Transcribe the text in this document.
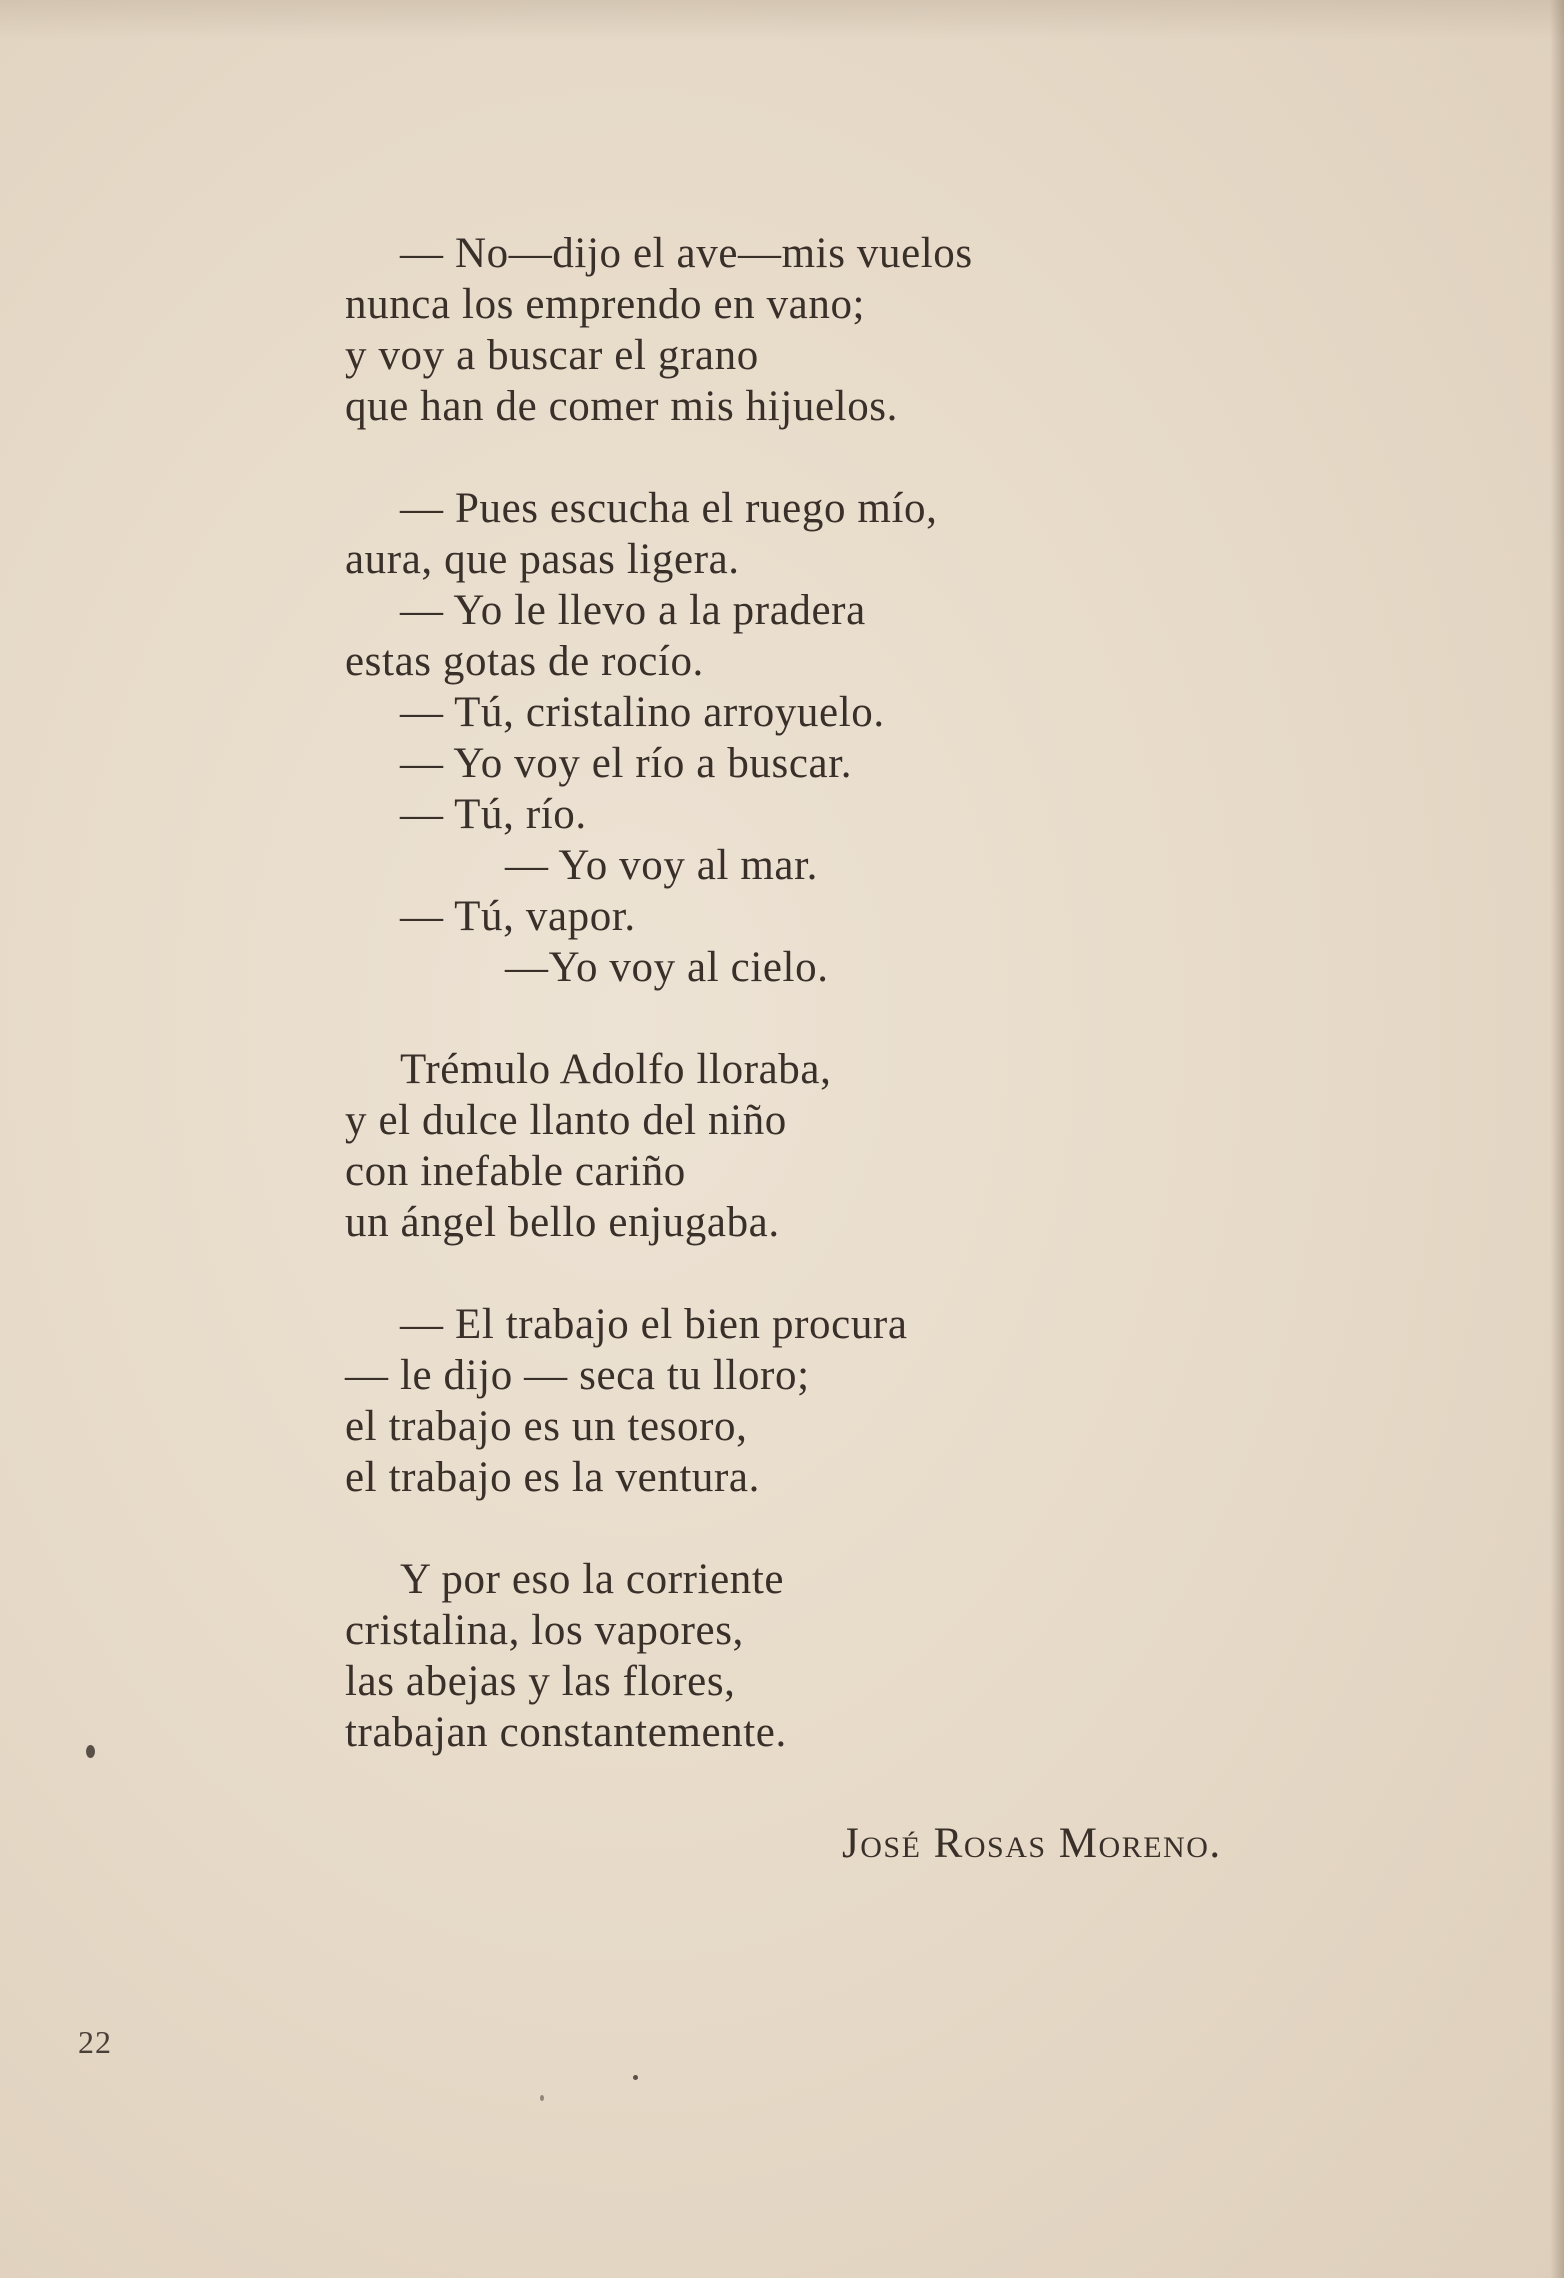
— No—dijo el ave—mis vuelos
nunca los emprendo en vano;
y voy a buscar el grano
que han de comer mis hijuelos.
— Pues escucha el ruego mío,
aura, que pasas ligera.
— Yo le llevo a la pradera
estas gotas de rocío.
— Tú, cristalino arroyuelo.
— Yo voy el río a buscar.
— Tú, río.
— Yo voy al mar.
— Tú, vapor.
—Yo voy al cielo.
Trémulo Adolfo lloraba,
y el dulce llanto del niño
con inefable cariño
un ángel bello enjugaba.
— El trabajo el bien procura
— le dijo — seca tu lloro;
el trabajo es un tesoro,
el trabajo es la ventura.
Y por eso la corriente
cristalina, los vapores,
las abejas y las flores,
trabajan constantemente.
José Rosas Moreno.
22
